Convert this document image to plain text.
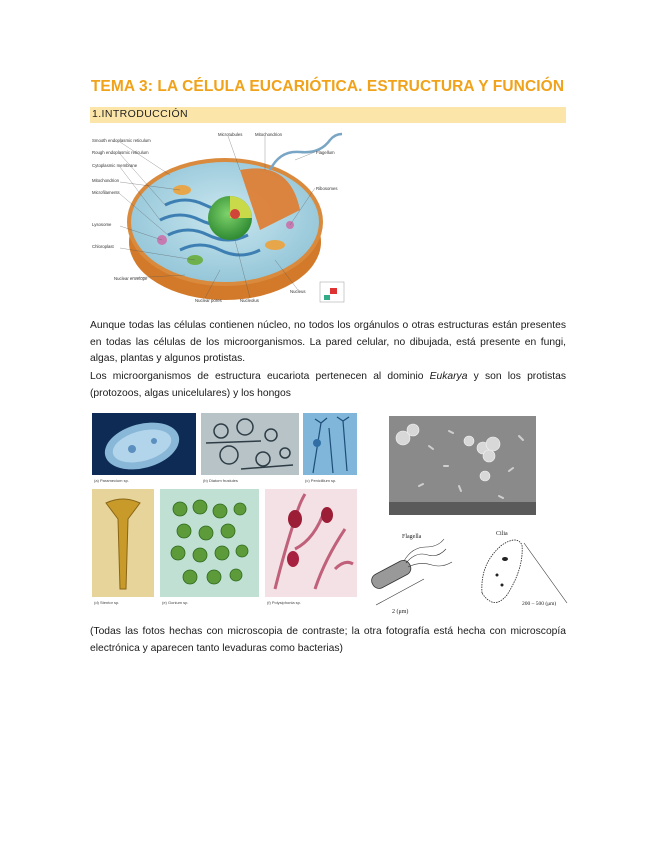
TEMA 3: LA CÉLULA EUCARIÓTICA. ESTRUCTURA Y FUNCIÓN
1.INTRODUCCIÓN
Smooth endoplasmic reticulum
Rough endoplasmic reticulum
Cytoplasmic membrane
Mitochondrion
Microfilaments
Lysosome
Chloroplast
Nuclear envelope
Microtubules	Mitochondrion
Flagellum
Ribosomes
Nucleus
Nuclear pores	Nucleolus

Aunque todas las células contienen núcleo, no todos los orgánulos o otras estructuras están presentes en todas las células de los microorganismos. La pared celular, no dibujada, está presente en fungi, algas, plantas y algunos protistas.

Los microorganismos de estructura eucariota pertenecen al dominio Eukarya y son los protistas (protozoos, algas unicelulares) y los hongos

(a) Paramecium sp.	(b) Diatom frustules	(c) Penicillium sp.
(d) Stentor sp.	(e) Gonium sp.	(f) Polysiphonia sp.
Flagella
2 (μm)
Cilia
200 – 500 (μm)

(Todas las fotos hechas con microscopia de contraste; la otra fotografía está hecha con microscopía electrónica y aparecen tanto levaduras como bacterias)
